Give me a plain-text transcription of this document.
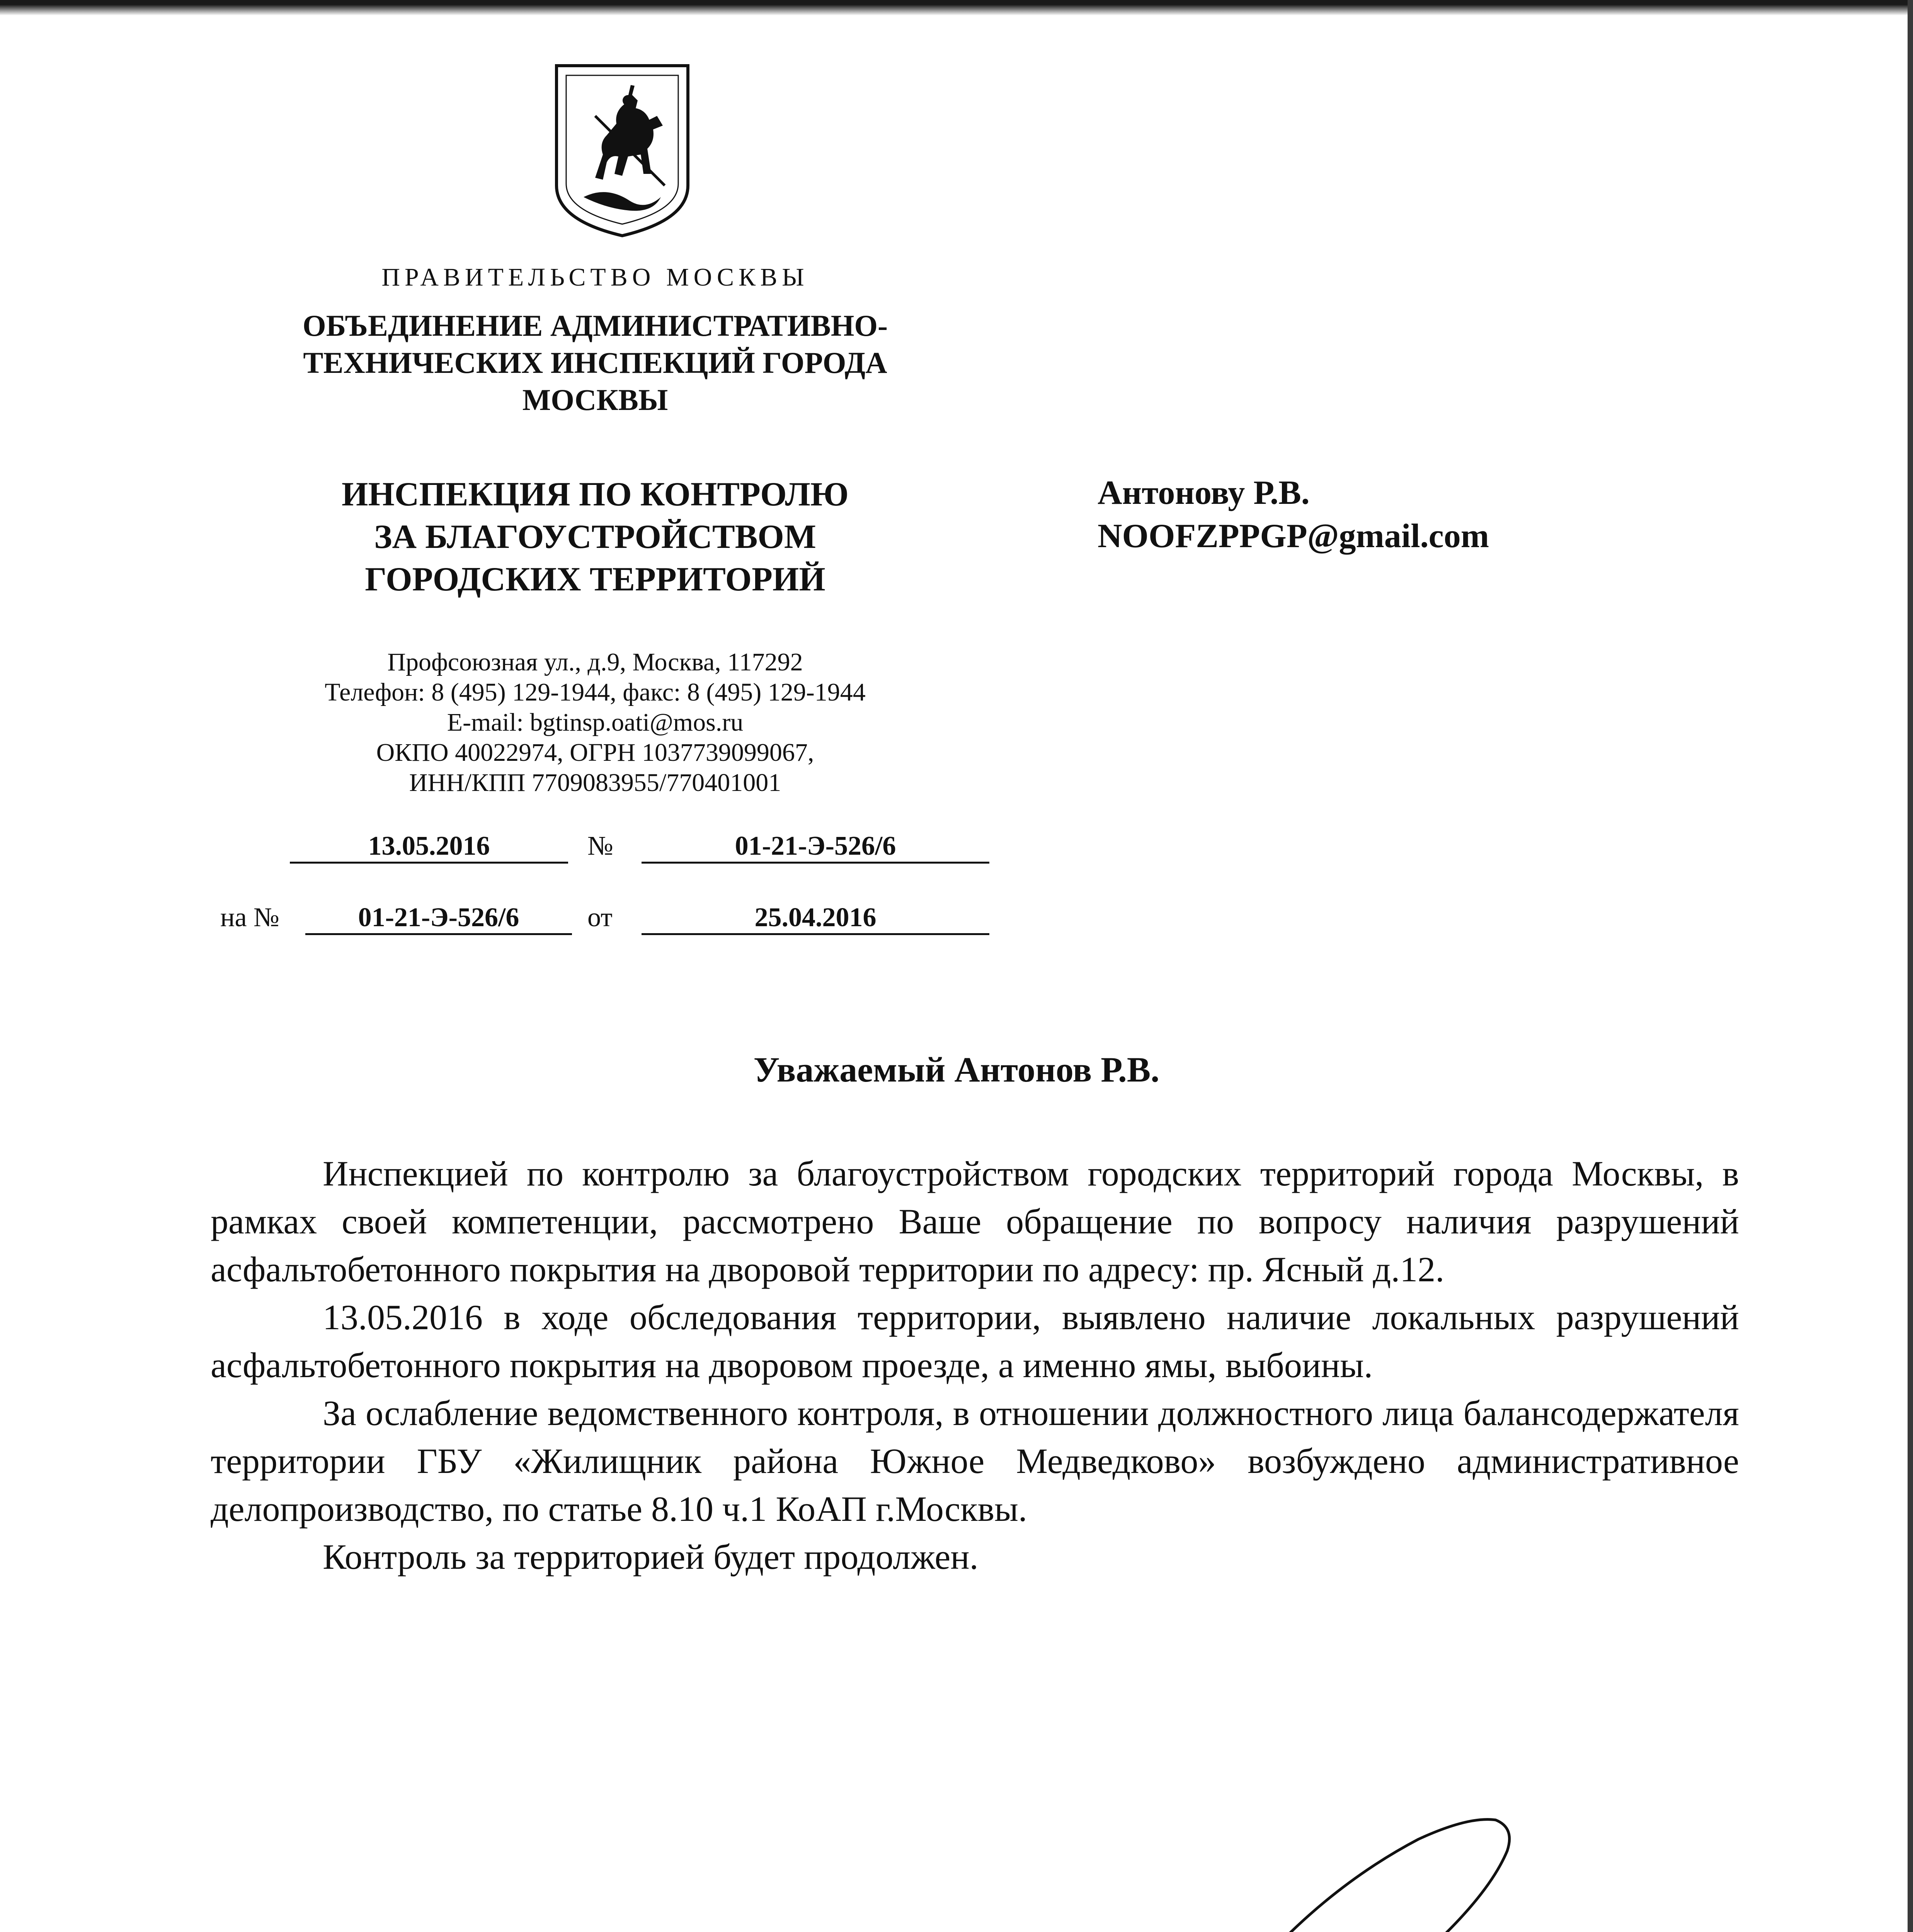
ПРАВИТЕЛЬСТВО МОСКВЫ
ОБЪЕДИНЕНИЕ АДМИНИСТРАТИВНО-
ТЕХНИЧЕСКИХ ИНСПЕКЦИЙ ГОРОДА
МОСКВЫ
ИНСПЕКЦИЯ ПО КОНТРОЛЮ
ЗА БЛАГОУСТРОЙСТВОМ
ГОРОДСКИХ ТЕРРИТОРИЙ
Профсоюзная ул., д.9, Москва, 117292
Телефон: 8 (495) 129-1944, факс: 8 (495) 129-1944
E-mail: bgtinsp.oati@mos.ru
ОКПО 40022974, ОГРН 1037739099067,
ИНН/КПП 7709083955/770401001
13.05.2016	№	01-21-Э-526/6
на №	01-21-Э-526/6	от	25.04.2016
Антонову Р.В.
NOOFZPPGP@gmail.com
Уважаемый Антонов Р.В.

Инспекцией по контролю за благоустройством городских территорий города Москвы, в рамках своей компетенции, рассмотрено Ваше обращение по вопросу наличия разрушений асфальтобетонного покрытия на дворовой территории по адресу: пр. Ясный д.12.

13.05.2016 в ходе обследования территории, выявлено наличие локальных разрушений асфальтобетонного покрытия на дворовом проезде, а именно ямы, выбоины.

За ослабление ведомственного контроля, в отношении должностного лица балансодержателя территории ГБУ «Жилищник района Южное Медведково» возбуждено административное делопроизводство, по статье 8.10 ч.1 КоАП г.Москвы.

Контроль за территорией будет продолжен.
